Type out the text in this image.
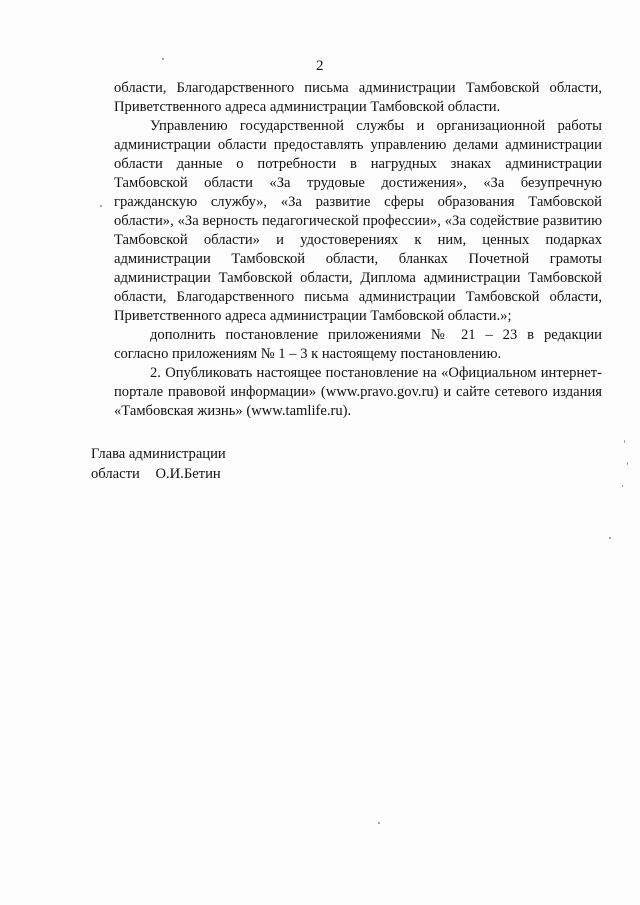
2

области, Благодарственного письма администрации Тамбовской области, Приветственного адреса администрации Тамбовской области.

Управлению государственной службы и организационной работы администрации области предоставлять управлению делами администрации области данные о потребности в нагрудных знаках администрации Тамбовской области «За трудовые достижения», «За безупречную гражданскую службу», «За развитие сферы образования Тамбовской области», «За верность педагогической профессии», «За содействие развитию Тамбовской области» и удостоверениях к ним, ценных подарках администрации Тамбовской области, бланках Почетной грамоты администрации Тамбовской области, Диплома администрации Тамбовской области, Благодарственного письма администрации Тамбовской области, Приветственного адреса администрации Тамбовской области.»;

дополнить постановление приложениями № 21 – 23 в редакции согласно приложениям № 1 – 3 к настоящему постановлению.

2. Опубликовать настоящее постановление на «Официальном интернет-портале правовой информации» (www.pravo.gov.ru) и сайте сетевого издания «Тамбовская жизнь» (www.tamlife.ru).

Глава администрации
области О.И.Бетин
